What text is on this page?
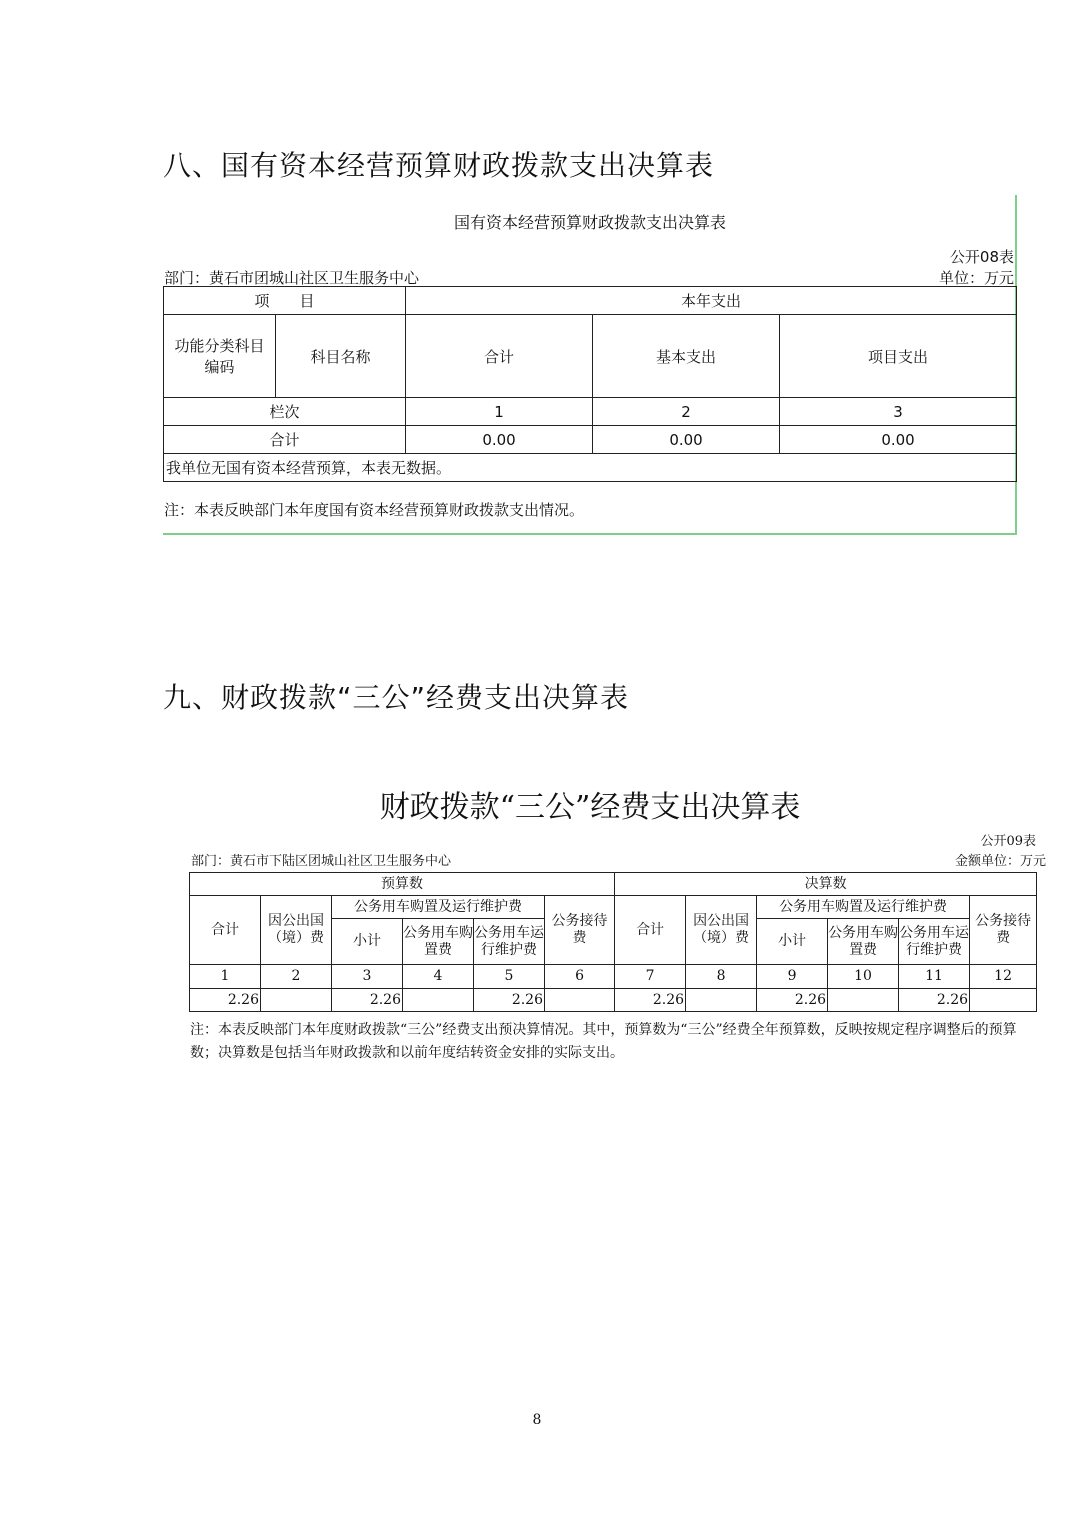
八、国有资本经营预算财政拨款支出决算表
国有资本经营预算财政拨款支出决算表
公开08表
部门：黄石市团城山社区卫生服务中心	单位：万元
项　　目		本年支出		
功能分类科目编码	科目名称	合计	基本支出	项目支出
栏次		1	2	3
合计		0.00	0.00	0.00
我单位无国有资本经营预算，本表无数据。				
注：本表反映部门本年度国有资本经营预算财政拨款支出情况。
九、财政拨款“三公”经费支出决算表
财政拨款“三公”经费支出决算表
公开09表
部门：黄石市下陆区团城山社区卫生服务中心	金额单位：万元
预算数						决算数					
合计	因公出国（境）费	公务用车购置及运行维护费			公务接待费	合计	因公出国（境）费	公务用车购置及运行维护费			公务接待费
		小计	公务用车购置费	公务用车运行维护费				小计	公务用车购置费	公务用车运行维护费	
1	2	3	4	5	6	7	8	9	10	11	12
2.26		2.26		2.26		2.26		2.26		2.26	
注：本表反映部门本年度财政拨款“三公”经费支出预决算情况。其中，预算数为“三公”经费全年预算数，反映按规定程序调整后的预算数；决算数是包括当年财政拨款和以前年度结转资金安排的实际支出。
8
